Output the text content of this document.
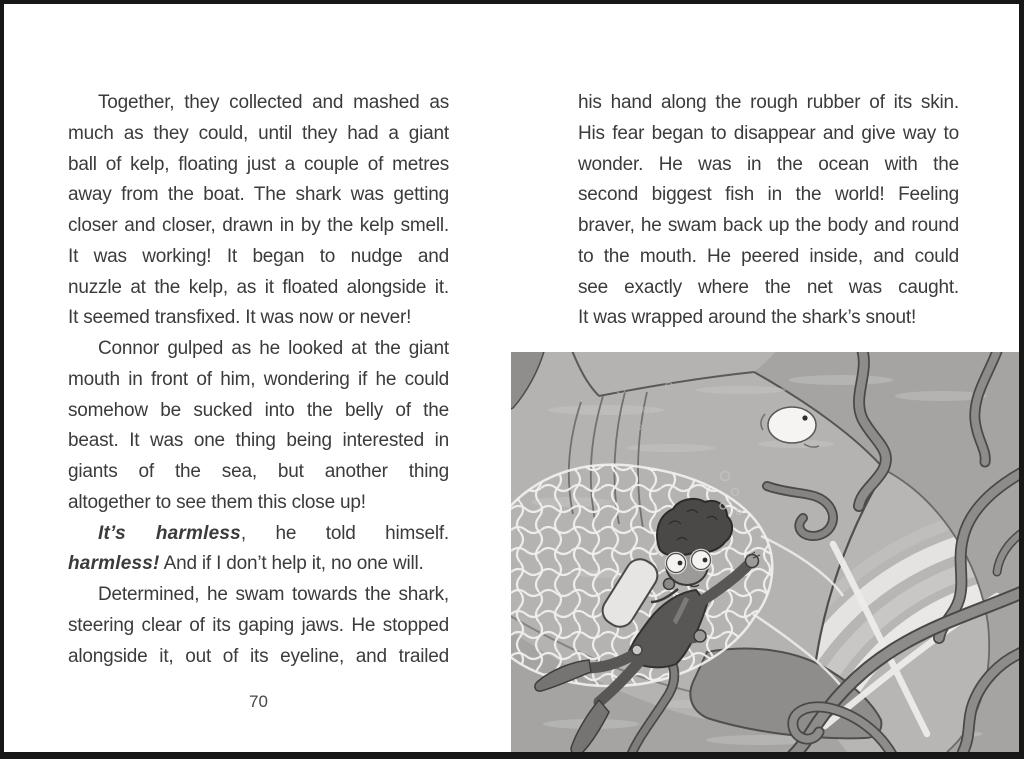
Together, they collected and mashed as
much as they could, until they had a giant
ball of kelp, floating just a couple of metres
away from the boat. The shark was getting
closer and closer, drawn in by the kelp smell.
It was working! It began to nudge and
nuzzle at the kelp, as it floated alongside it.
It seemed transfixed. It was now or never!
Connor gulped as he looked at the giant
mouth in front of him, wondering if he could
somehow be sucked into the belly of the
beast. It was one thing being interested in
giants of the sea, but another thing
altogether to see them this close up!
It’s harmless, he told himself.
harmless! And if I don’t help it, no one will.
Determined, he swam towards the shark,
steering clear of its gaping jaws. He stopped
alongside it, out of its eyeline, and trailed
his hand along the rough rubber of its skin.
His fear began to disappear and give way to
wonder. He was in the ocean with the
second biggest fish in the world! Feeling
braver, he swam back up the body and round
to the mouth. He peered inside, and could
see exactly where the net was caught.
It was wrapped around the shark’s snout!
70
